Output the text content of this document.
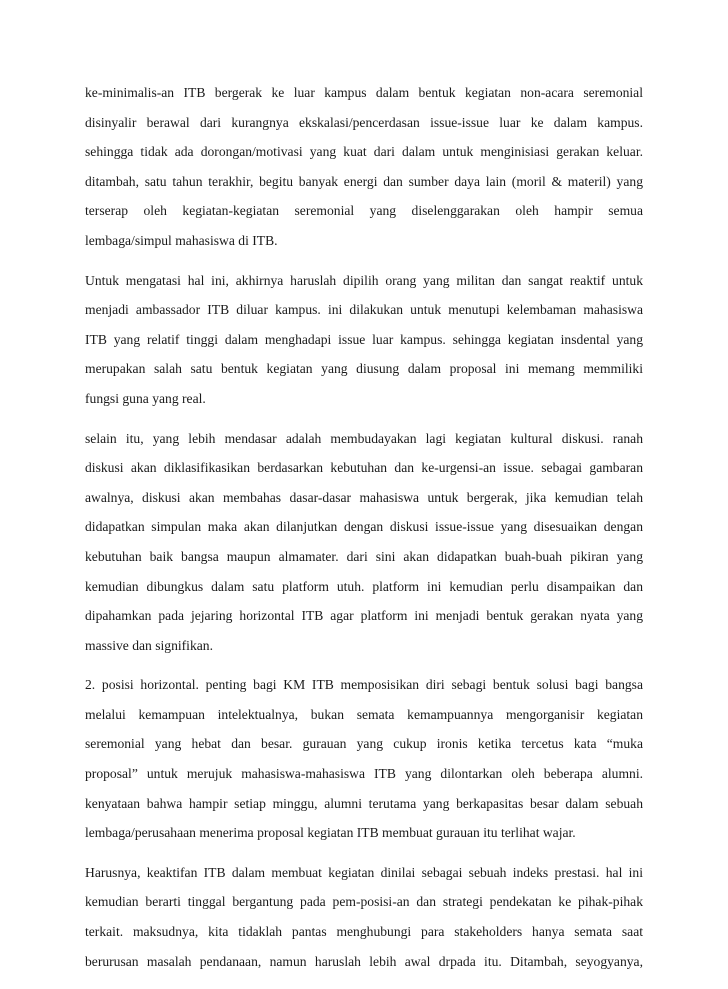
ke-minimalis-an ITB bergerak ke luar kampus dalam bentuk kegiatan non-acara seremonial
disinyalir berawal dari kurangnya ekskalasi/pencerdasan issue-issue luar ke dalam kampus.
sehingga tidak ada dorongan/motivasi yang kuat dari dalam untuk menginisiasi gerakan keluar.
ditambah, satu tahun terakhir, begitu banyak energi dan sumber daya lain (moril & materil) yang
terserap oleh kegiatan-kegiatan seremonial yang diselenggarakan oleh hampir semua
lembaga/simpul mahasiswa di ITB.
Untuk mengatasi hal ini, akhirnya haruslah dipilih orang yang militan dan sangat reaktif untuk
menjadi ambassador ITB diluar kampus. ini dilakukan untuk menutupi kelembaman mahasiswa
ITB yang relatif tinggi dalam menghadapi issue luar kampus. sehingga kegiatan insdental yang
merupakan salah satu bentuk kegiatan yang diusung dalam proposal ini memang memmiliki
fungsi guna yang real.
selain itu, yang lebih mendasar adalah membudayakan lagi kegiatan kultural diskusi. ranah
diskusi akan diklasifikasikan berdasarkan kebutuhan dan ke-urgensi-an issue. sebagai gambaran
awalnya, diskusi akan membahas dasar-dasar mahasiswa untuk bergerak, jika kemudian telah
didapatkan simpulan maka akan dilanjutkan dengan diskusi issue-issue yang disesuaikan dengan
kebutuhan baik bangsa maupun almamater. dari sini akan didapatkan buah-buah pikiran yang
kemudian dibungkus dalam satu platform utuh. platform ini kemudian perlu disampaikan dan
dipahamkan pada jejaring horizontal ITB agar platform ini menjadi bentuk gerakan nyata yang
massive dan signifikan.
2. posisi horizontal. penting bagi KM ITB memposisikan diri sebagi bentuk solusi bagi bangsa
melalui kemampuan intelektualnya, bukan semata kemampuannya mengorganisir kegiatan
seremonial yang hebat dan besar. gurauan yang cukup ironis ketika tercetus kata “muka
proposal” untuk merujuk mahasiswa-mahasiswa ITB yang dilontarkan oleh beberapa alumni.
kenyataan bahwa hampir setiap minggu, alumni terutama yang berkapasitas besar dalam sebuah
lembaga/perusahaan menerima proposal kegiatan ITB membuat gurauan itu terlihat wajar.
Harusnya, keaktifan ITB dalam membuat kegiatan dinilai sebagai sebuah indeks prestasi. hal ini
kemudian berarti tinggal bergantung pada pem-posisi-an dan strategi pendekatan ke pihak-pihak
terkait. maksudnya, kita tidaklah pantas menghubungi para stakeholders hanya semata saat
berurusan masalah pendanaan, namun haruslah lebih awal drpada itu. Ditambah, seyogyanya,
